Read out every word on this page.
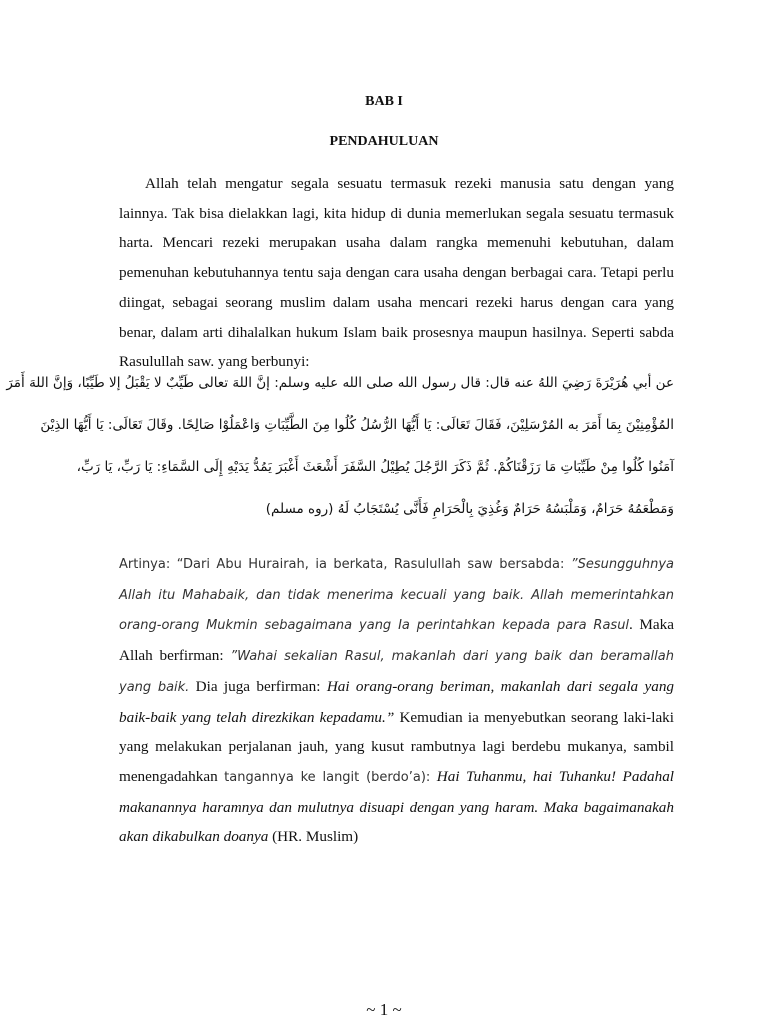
BAB I
PENDAHULUAN
Allah telah mengatur segala sesuatu termasuk rezeki manusia satu dengan yang lainnya. Tak bisa dielakkan lagi, kita hidup di dunia memerlukan segala sesuatu termasuk harta. Mencari rezeki merupakan usaha dalam rangka memenuhi kebutuhan, dalam pemenuhan kebutuhannya tentu saja dengan cara usaha dengan berbagai cara. Tetapi perlu diingat, sebagai seorang muslim dalam usaha mencari rezeki harus dengan cara yang benar, dalam arti dihalalkan hukum Islam baik prosesnya maupun hasilnya. Seperti sabda Rasulullah saw. yang berbunyi:
عن أبي هُرَيْرَةَ رَضِيَ اللهُ عنه قال: قال رسول الله صلى الله عليه وسلم: إنَّ اللهَ تعالى طَيِّبٌ لا يَقْبَلُ إلا طَيِّبًا، وَإنَّ اللهَ أَمَرَ
المُؤْمِنِيْنَ بِمَا أَمَرَ به المُرْسَلِيْنَ، فَقَالَ تَعَالَى: يَا أَيُّهَا الرُّسُلُ كُلُوا مِنَ الطَّيِّبَاتِ وَاعْمَلُوْا صَالِحًا. وقَالَ تَعَالَى: يَا أَيُّهَا الذِيْنَ
آمَنُوا كُلُوا مِنْ طَيِّبَاتِ مَا رَزَقْنَاكُمْ. ثُمَّ ذَكَرَ الرَّجُلَ يُطِيْلُ السَّفَرَ أَشْعَثَ أَغْبَرَ يَمُدُّ يَدَيْهِ إِلَى السَّمَاءِ: يَا رَبِّ، يَا رَبِّ،
وَمَطْعَمُهُ حَرَامٌ، وَمَلْبَسُهُ حَرَامٌ وَغُذِيَ بِالْحَرَامِ فَأَنَّى يُسْتَجَابُ لَهُ (روه مسلم)
Artinya: “Dari Abu Hurairah, ia berkata, Rasulullah saw bersabda: ”Sesungguhnya Allah itu Mahabaik, dan tidak menerima kecuali yang baik. Allah memerintahkan orang-orang Mukmin sebagaimana yang Ia perintahkan kepada para Rasul. Maka Allah berfirman: ”Wahai sekalian Rasul, makanlah dari yang baik dan beramallah yang baik. Dia juga berfirman: Hai orang-orang beriman, makanlah dari segala yang baik-baik yang telah direzkikan kepadamu.” Kemudian ia menyebutkan seorang laki-laki yang melakukan perjalanan jauh, yang kusut rambutnya lagi berdebu mukanya, sambil menengadahkan tangannya ke langit (berdo’a): Hai Tuhanmu, hai Tuhanku! Padahal makanannya haramnya dan mulutnya disuapi dengan yang haram. Maka bagaimanakah akan dikabulkan doanya (HR. Muslim)
~ 1 ~
